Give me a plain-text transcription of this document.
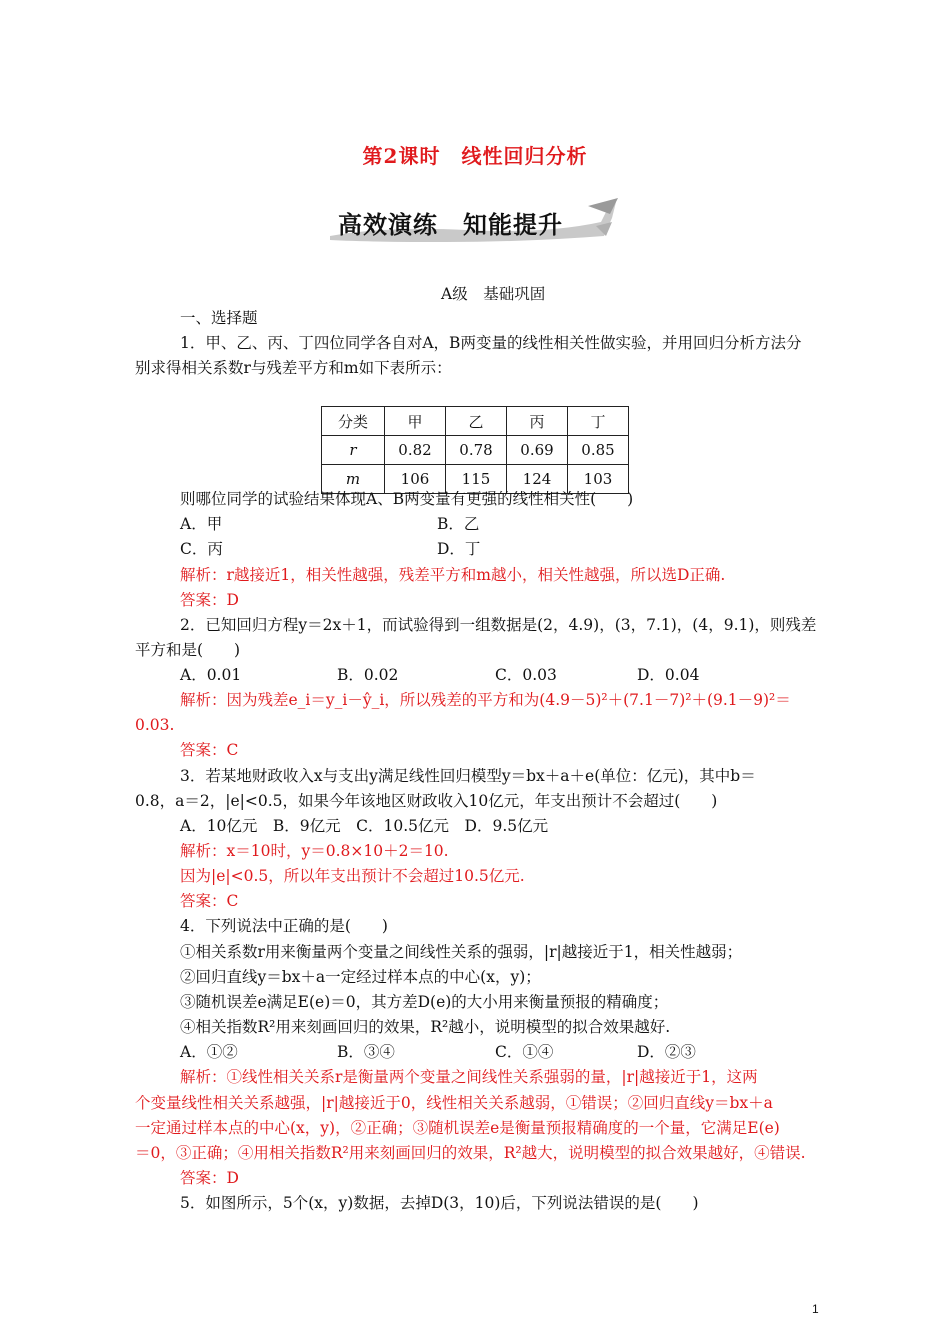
第2课时　线性回归分析
高效演练　知能提升
A级　基础巩固
一、选择题
1．甲、乙、丙、丁四位同学各自对A，B两变量的线性相关性做实验，并用回归分析方法分
别求得相关系数r与残差平方和m如下表所示：
分类	甲	乙	丙	丁
r	0.82	0.78	0.69	0.85
m	106	115	124	103
则哪位同学的试验结果体现A、B两变量有更强的线性相关性(　　)
A．甲	B．乙
C．丙	D．丁
解析：r越接近1，相关性越强，残差平方和m越小，相关性越强，所以选D正确.
答案：D
2．已知回归方程y＝2x＋1，而试验得到一组数据是(2，4.9)，(3，7.1)，(4，9.1)，则残差
平方和是(　　)
A．0.01	B．0.02	C．0.03	D．0.04
解析：因为残差e_i＝y_i－ŷ_i，所以残差的平方和为(4.9－5)²＋(7.1－7)²＋(9.1－9)²＝
0.03.
答案：C
3．若某地财政收入x与支出y满足线性回归模型y＝bx＋a＋e(单位：亿元)，其中b＝
0.8，a＝2，|e|<0.5，如果今年该地区财政收入10亿元，年支出预计不会超过(　　)
A．10亿元　B．9亿元　C．10.5亿元　D．9.5亿元
解析：x＝10时，y＝0.8×10＋2＝10.
因为|e|<0.5，所以年支出预计不会超过10.5亿元.
答案：C
4．下列说法中正确的是(　　)
①相关系数r用来衡量两个变量之间线性关系的强弱，|r|越接近于1，相关性越弱；
②回归直线y＝bx＋a一定经过样本点的中心(x，y)；
③随机误差e满足E(e)＝0，其方差D(e)的大小用来衡量预报的精确度；
④相关指数R²用来刻画回归的效果，R²越小，说明模型的拟合效果越好.
A．①②	B．③④	C．①④	D．②③
解析：①线性相关关系r是衡量两个变量之间线性关系强弱的量，|r|越接近于1，这两
个变量线性相关关系越强，|r|越接近于0，线性相关关系越弱，①错误；②回归直线y＝bx＋a
一定通过样本点的中心(x，y)，②正确；③随机误差e是衡量预报精确度的一个量，它满足E(e)
＝0，③正确；④用相关指数R²用来刻画回归的效果，R²越大，说明模型的拟合效果越好，④错误.
答案：D
5．如图所示，5个(x，y)数据，去掉D(3，10)后，下列说法错误的是(　　)
1
